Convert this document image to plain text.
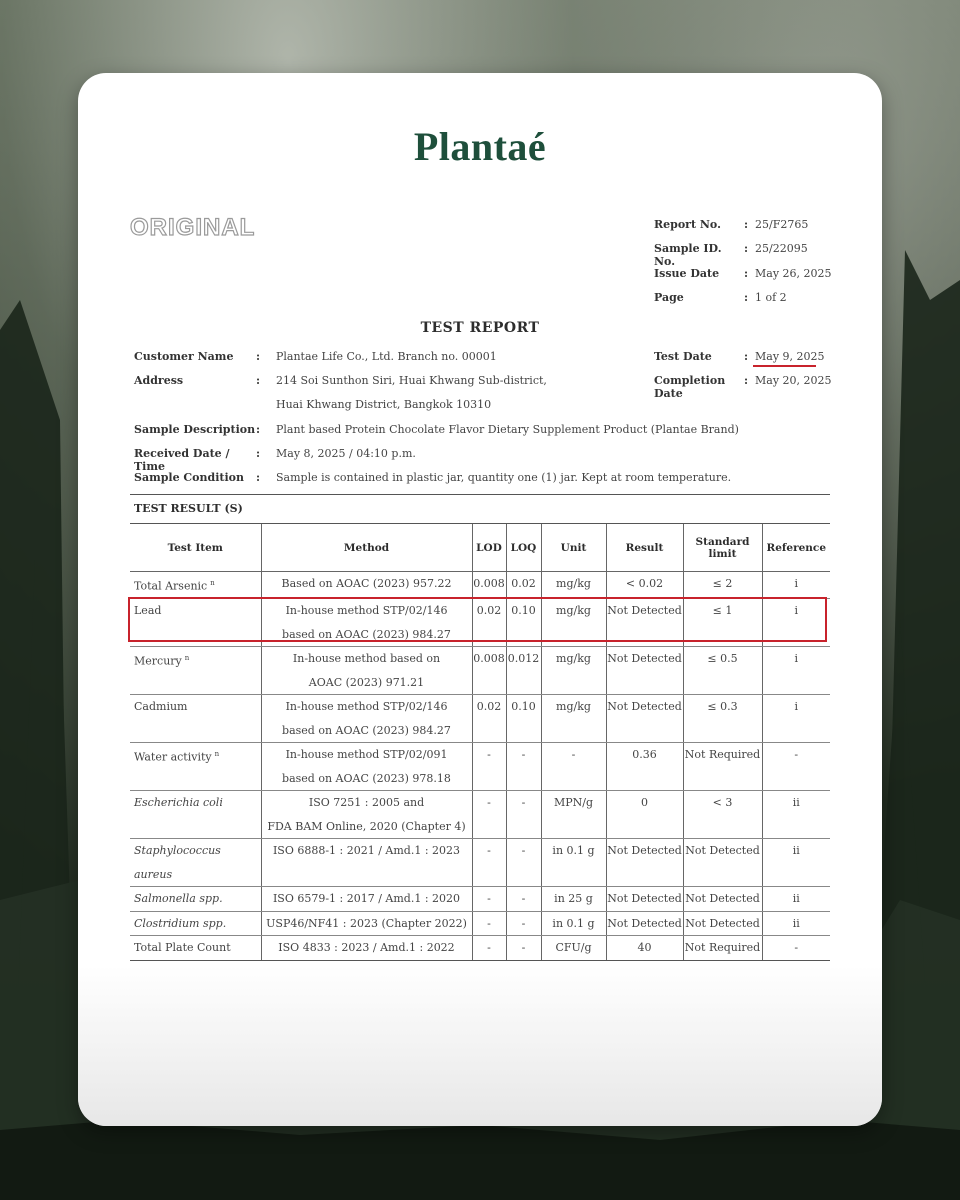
Plantaé
ORIGINAL	Report No.	: 25/F2765
Sample ID. No.
: 25/22095
Issue Date	: May 26, 2025
Page	: 1 of 2
TEST REPORT
Customer Name	:	Plantae Life Co., Ltd. Branch no. 00001
Address	:	214 Soi Sunthon Siri, Huai Khwang Sub-district,
Huai Khwang District, Bangkok 10310
Sample Description :	Plant based Protein Chocolate Flavor Dietary Supplement Product (Plantae Brand)
Received Date / Time
:	May 8, 2025 / 04:10 p.m.
Sample Condition	:	Sample is contained in plastic jar, quantity one (1) jar. Kept at room temperature.
Test Date	: May 9, 2025
Completion Date
: May 20, 2025
TEST RESULT (S)
Test Item	Method	LOD	LOQ	Unit	Result	Standard limit	Reference
Total Arsenic $^n$	Based on AOAC (2023) 957.22	0.008	0.02	mg/kg	< 0.02	≤ 2	i
Lead	In-house method STP/02/146
based on AOAC (2023) 984.27	0.02	0.10	mg/kg	Not Detected	≤ 1	i
Mercury $^n$	In-house method based on
AOAC (2023) 971.21	0.008	0.012	mg/kg	Not Detected	≤ 0.5	i
Cadmium	In-house method STP/02/146
based on AOAC (2023) 984.27	0.02	0.10	mg/kg	Not Detected	≤ 0.3	i
Water activity $^n$	In-house method STP/02/091
based on AOAC (2023) 978.18	-	-	-	0.36	Not Required	-
Escherichia coli	ISO 7251 : 2005 and
FDA BAM Online, 2020 (Chapter 4)	-	-	MPN/g	0	< 3	ii
Staphylococcus aureus	ISO 6888-1 : 2021 / Amd.1 : 2023	-	-	in 0.1 g	Not Detected	Not Detected	ii
Salmonella spp.	ISO 6579-1 : 2017 / Amd.1 : 2020	-	-	in 25 g	Not Detected	Not Detected	ii
Clostridium spp.	USP46/NF41 : 2023 (Chapter 2022)	-	-	in 0.1 g	Not Detected	Not Detected	ii
Total Plate Count	ISO 4833 : 2023 / Amd.1 : 2022	-	-	CFU/g	40	Not Required	-
